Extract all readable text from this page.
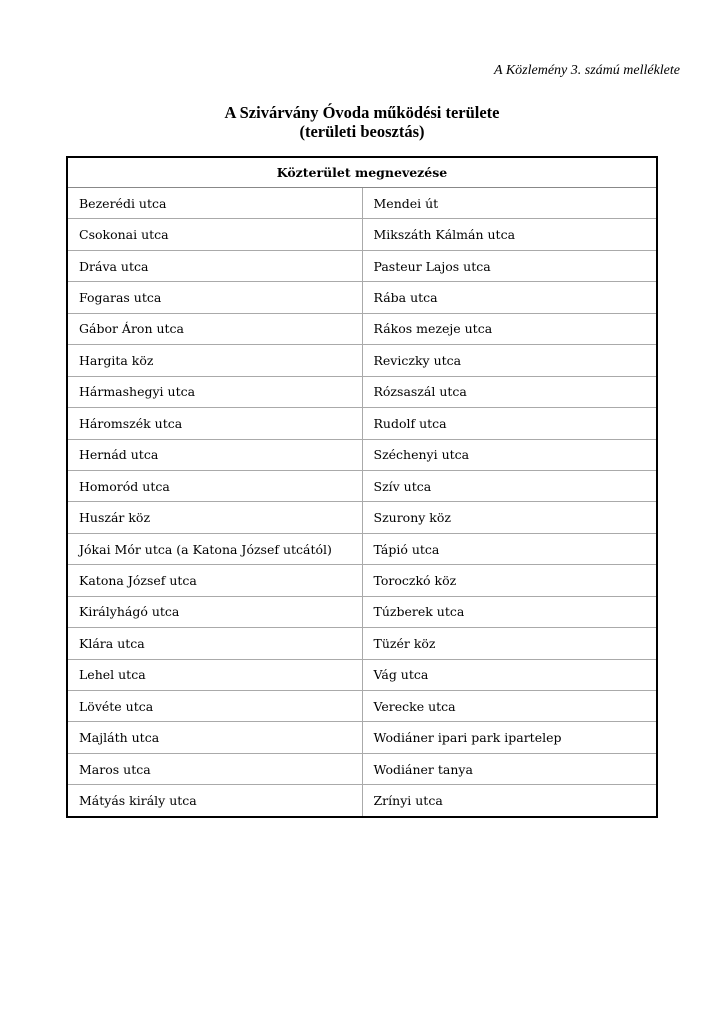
A Közlemény 3. számú melléklete
A Szivárvány Óvoda működési területe
(területi beosztás)
Közterület megnevezése	
Bezerédi utca	Mendei út
Csokonai utca	Mikszáth Kálmán utca
Dráva utca	Pasteur Lajos utca
Fogaras utca	Rába utca
Gábor Áron utca	Rákos mezeje utca
Hargita köz	Reviczky utca
Hármashegyi utca	Rózsaszál utca
Háromszék utca	Rudolf utca
Hernád utca	Széchenyi utca
Homoród utca	Szív utca
Huszár köz	Szurony köz
Jókai Mór utca (a Katona József utcától)	Tápió utca
Katona József utca	Toroczkó köz
Királyhágó utca	Túzberek utca
Klára utca	Tüzér köz
Lehel utca	Vág utca
Lövéte utca	Verecke utca
Majláth utca	Wodiáner ipari park ipartelep
Maros utca	Wodiáner tanya
Mátyás király utca	Zrínyi utca
